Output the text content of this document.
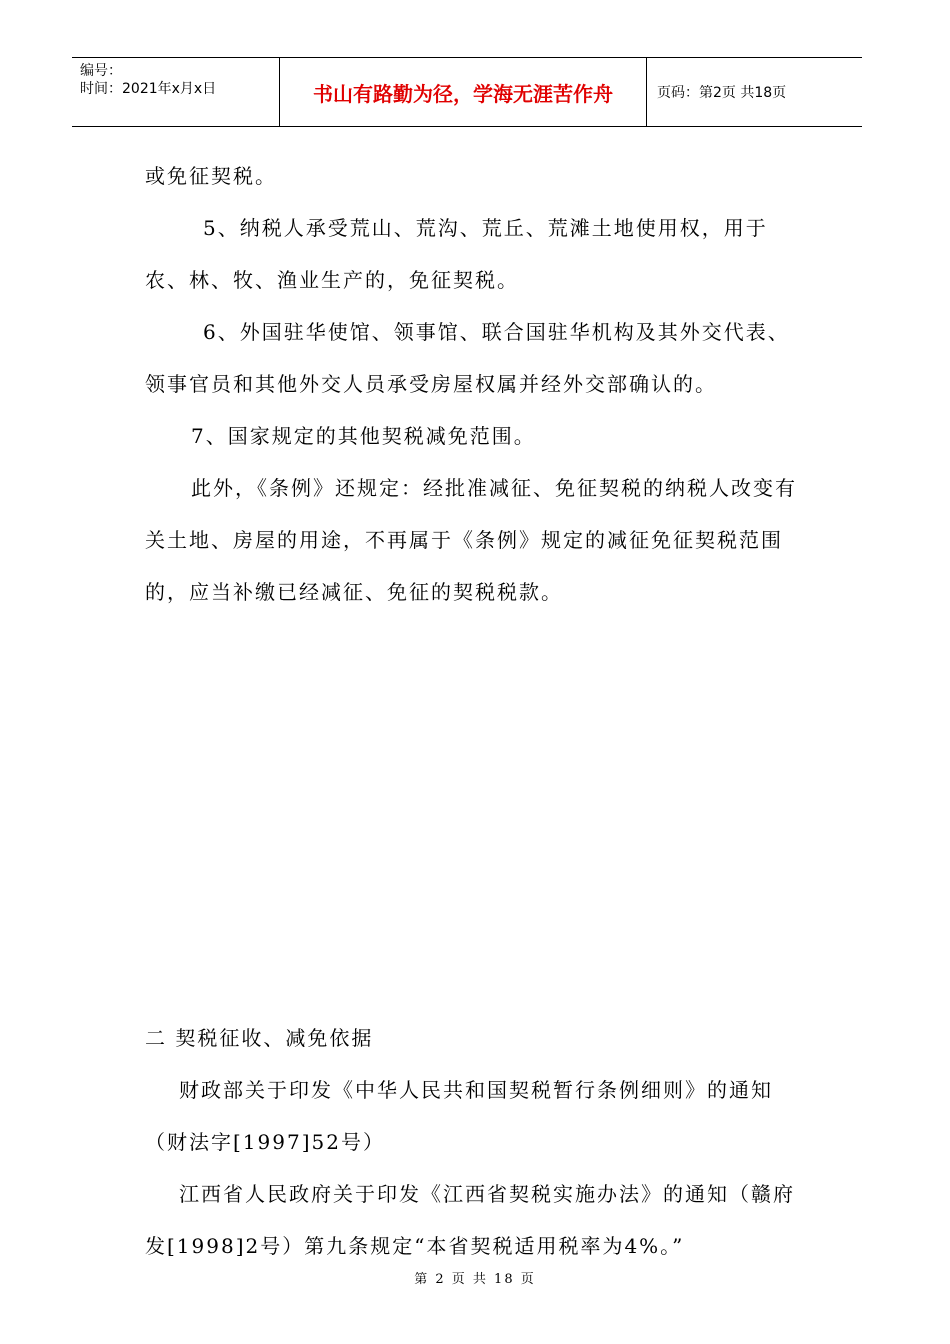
编号：
时间：2021年x月x日	书山有路勤为径，学海无涯苦作舟	页码：第2页 共18页

或免征契税。

5、纳税人承受荒山、荒沟、荒丘、荒滩土地使用权，用于农、林、牧、渔业生产的，免征契税。

6、外国驻华使馆、领事馆、联合国驻华机构及其外交代表、领事官员和其他外交人员承受房屋权属并经外交部确认的。

7、国家规定的其他契税减免范围。

此外，《条例》还规定：经批准减征、免征契税的纳税人改变有关土地、房屋的用途，不再属于《条例》规定的减征免征契税范围的，应当补缴已经减征、免征的契税税款。

二 契税征收、减免依据

财政部关于印发《中华人民共和国契税暂行条例细则》的通知（财法字[1997]52号）

江西省人民政府关于印发《江西省契税实施办法》的通知（赣府发[1998]2号）第九条规定“本省契税适用税率为4%。”

第 2 页 共 18 页
